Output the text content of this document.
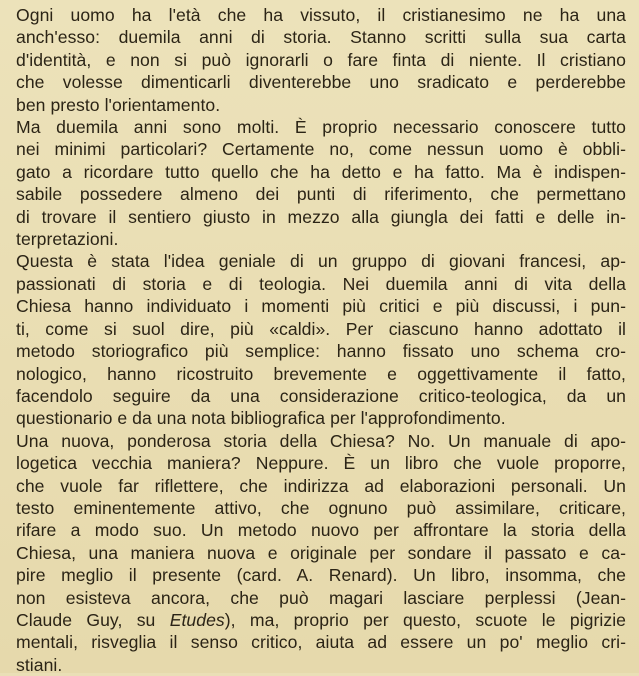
Ogni uomo ha l'età che ha vissuto, il cristianesimo ne ha una
anch'esso: duemila anni di storia. Stanno scritti sulla sua carta
d'identità, e non si può ignorarli o fare finta di niente. Il cristiano
che volesse dimenticarli diventerebbe uno sradicato e perderebbe
ben presto l'orientamento.

Ma duemila anni sono molti. È proprio necessario conoscere tutto
nei minimi particolari? Certamente no, come nessun uomo è obbli-
gato a ricordare tutto quello che ha detto e ha fatto. Ma è indispen-
sabile possedere almeno dei punti di riferimento, che permettano
di trovare il sentiero giusto in mezzo alla giungla dei fatti e delle in-
terpretazioni.

Questa è stata l'idea geniale di un gruppo di giovani francesi, ap-
passionati di storia e di teologia. Nei duemila anni di vita della
Chiesa hanno individuato i momenti più critici e più discussi, i pun-
ti, come si suol dire, più «caldi». Per ciascuno hanno adottato il
metodo storiografico più semplice: hanno fissato uno schema cro-
nologico, hanno ricostruito brevemente e oggettivamente il fatto,
facendolo seguire da una considerazione critico-teologica, da un
questionario e da una nota bibliografica per l'approfondimento.

Una nuova, ponderosa storia della Chiesa? No. Un manuale di apo-
logetica vecchia maniera? Neppure. È un libro che vuole proporre,
che vuole far riflettere, che indirizza ad elaborazioni personali. Un
testo eminentemente attivo, che ognuno può assimilare, criticare,
rifare a modo suo. Un metodo nuovo per affrontare la storia della
Chiesa, una maniera nuova e originale per sondare il passato e ca-
pire meglio il presente (card. A. Renard). Un libro, insomma, che
non esisteva ancora, che può magari lasciare perplessi (Jean-
Claude Guy, su Etudes), ma, proprio per questo, scuote le pigrizie
mentali, risveglia il senso critico, aiuta ad essere un po' meglio cri-
stiani.
